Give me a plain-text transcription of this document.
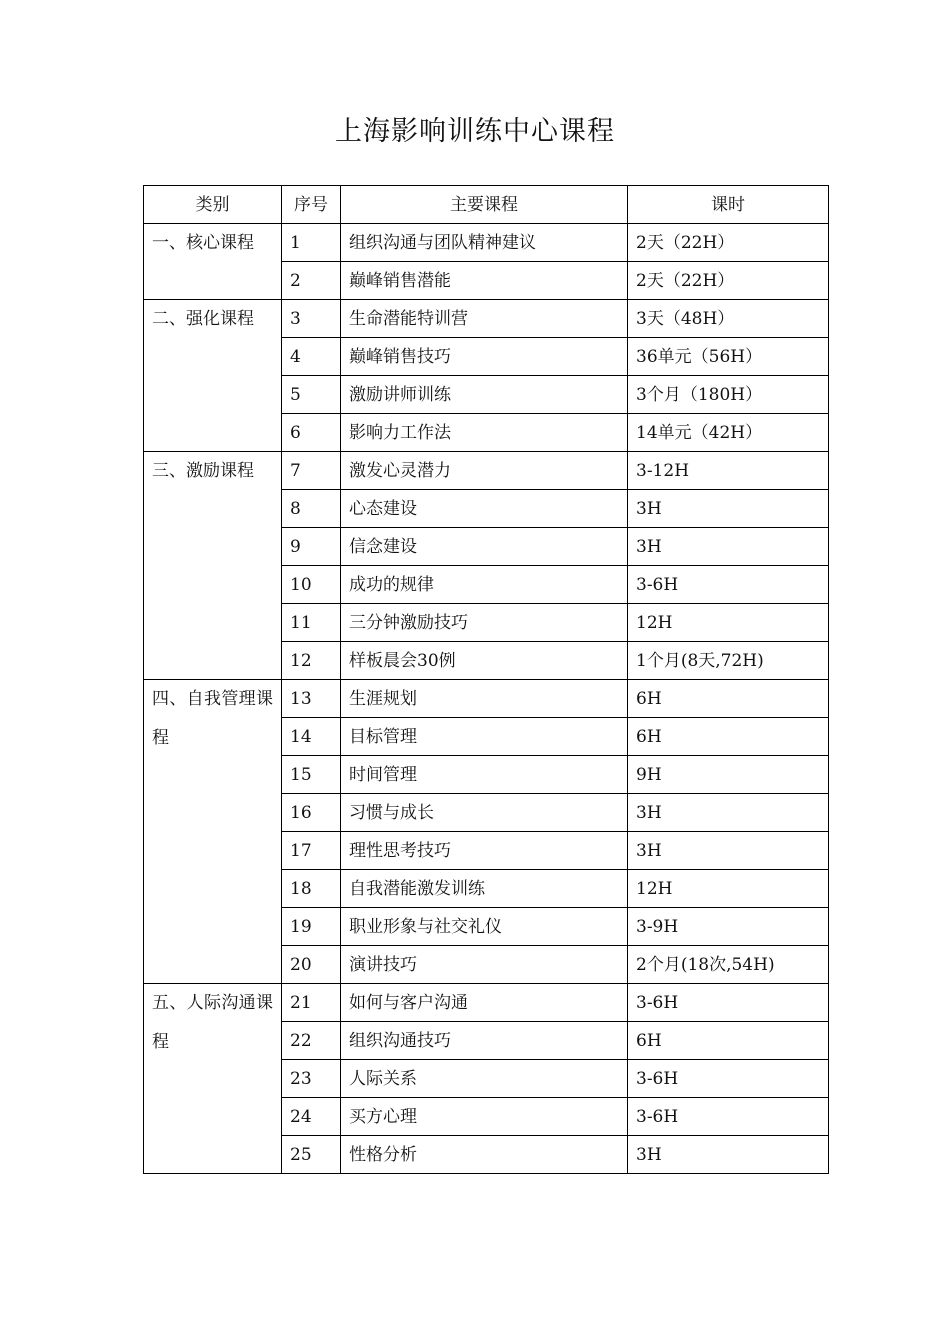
上海影响训练中心课程
类别	序号	主要课程	课时
一、核心课程	1	组织沟通与团队精神建议	2天（22H）
	2	巅峰销售潜能	2天（22H）
二、强化课程	3	生命潜能特训营	3天（48H）
	4	巅峰销售技巧	36单元（56H）
	5	激励讲师训练	3个月（180H）
	6	影响力工作法	14单元（42H）
三、激励课程	7	激发心灵潜力	3-12H
	8	心态建设	3H
	9	信念建设	3H
	10	成功的规律	3-6H
	11	三分钟激励技巧	12H
	12	样板晨会30例	1个月(8天,72H)
四、自我管理课程	13	生涯规划	6H
	14	目标管理	6H
	15	时间管理	9H
	16	习惯与成长	3H
	17	理性思考技巧	3H
	18	自我潜能激发训练	12H
	19	职业形象与社交礼仪	3-9H
	20	演讲技巧	2个月(18次,54H)
五、人际沟通课程	21	如何与客户沟通	3-6H
	22	组织沟通技巧	6H
	23	人际关系	3-6H
	24	买方心理	3-6H
	25	性格分析	3H
